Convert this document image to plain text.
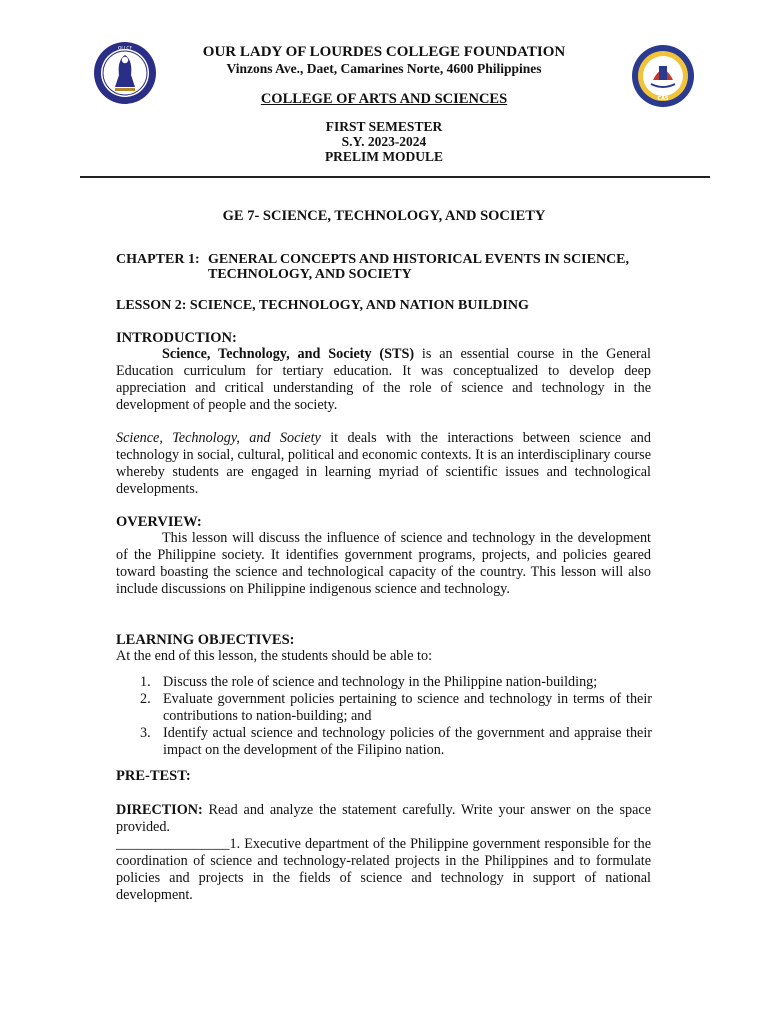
OLLCF
CAS
OUR LADY OF LOURDES COLLEGE FOUNDATION
Vinzons Ave., Daet, Camarines Norte, 4600 Philippines
COLLEGE OF ARTS AND SCIENCES
FIRST SEMESTER
S.Y. 2023-2024
PRELIM MODULE
GE 7- SCIENCE, TECHNOLOGY, AND SOCIETY
CHAPTER 1: GENERAL CONCEPTS AND HISTORICAL EVENTS IN SCIENCE,
TECHNOLOGY, AND SOCIETY
LESSON 2: SCIENCE, TECHNOLOGY, AND NATION BUILDING
INTRODUCTION:
Science, Technology, and Society (STS) is an essential course in the General Education curriculum for tertiary education. It was conceptualized to develop deep appreciation and critical understanding of the role of science and technology in the development of people and the society.
Science, Technology, and Society it deals with the interactions between science and technology in social, cultural, political and economic contexts. It is an interdisciplinary course whereby students are engaged in learning myriad of scientific issues and technological developments.
OVERVIEW:
This lesson will discuss the influence of science and technology in the development of the Philippine society. It identifies government programs, projects, and policies geared toward boasting the science and technological capacity of the country. This lesson will also include discussions on Philippine indigenous science and technology.
LEARNING OBJECTIVES:
At the end of this lesson, the students should be able to:
1. Discuss the role of science and technology in the Philippine nation-building;
2. Evaluate government policies pertaining to science and technology in terms of their contributions to nation-building; and
3. Identify actual science and technology policies of the government and appraise their impact on the development of the Filipino nation.
PRE-TEST:
DIRECTION: Read and analyze the statement carefully. Write your answer on the space provided.
________________1. Executive department of the Philippine government responsible for the coordination of science and technology-related projects in the Philippines and to formulate policies and projects in the fields of science and technology in support of national development.
